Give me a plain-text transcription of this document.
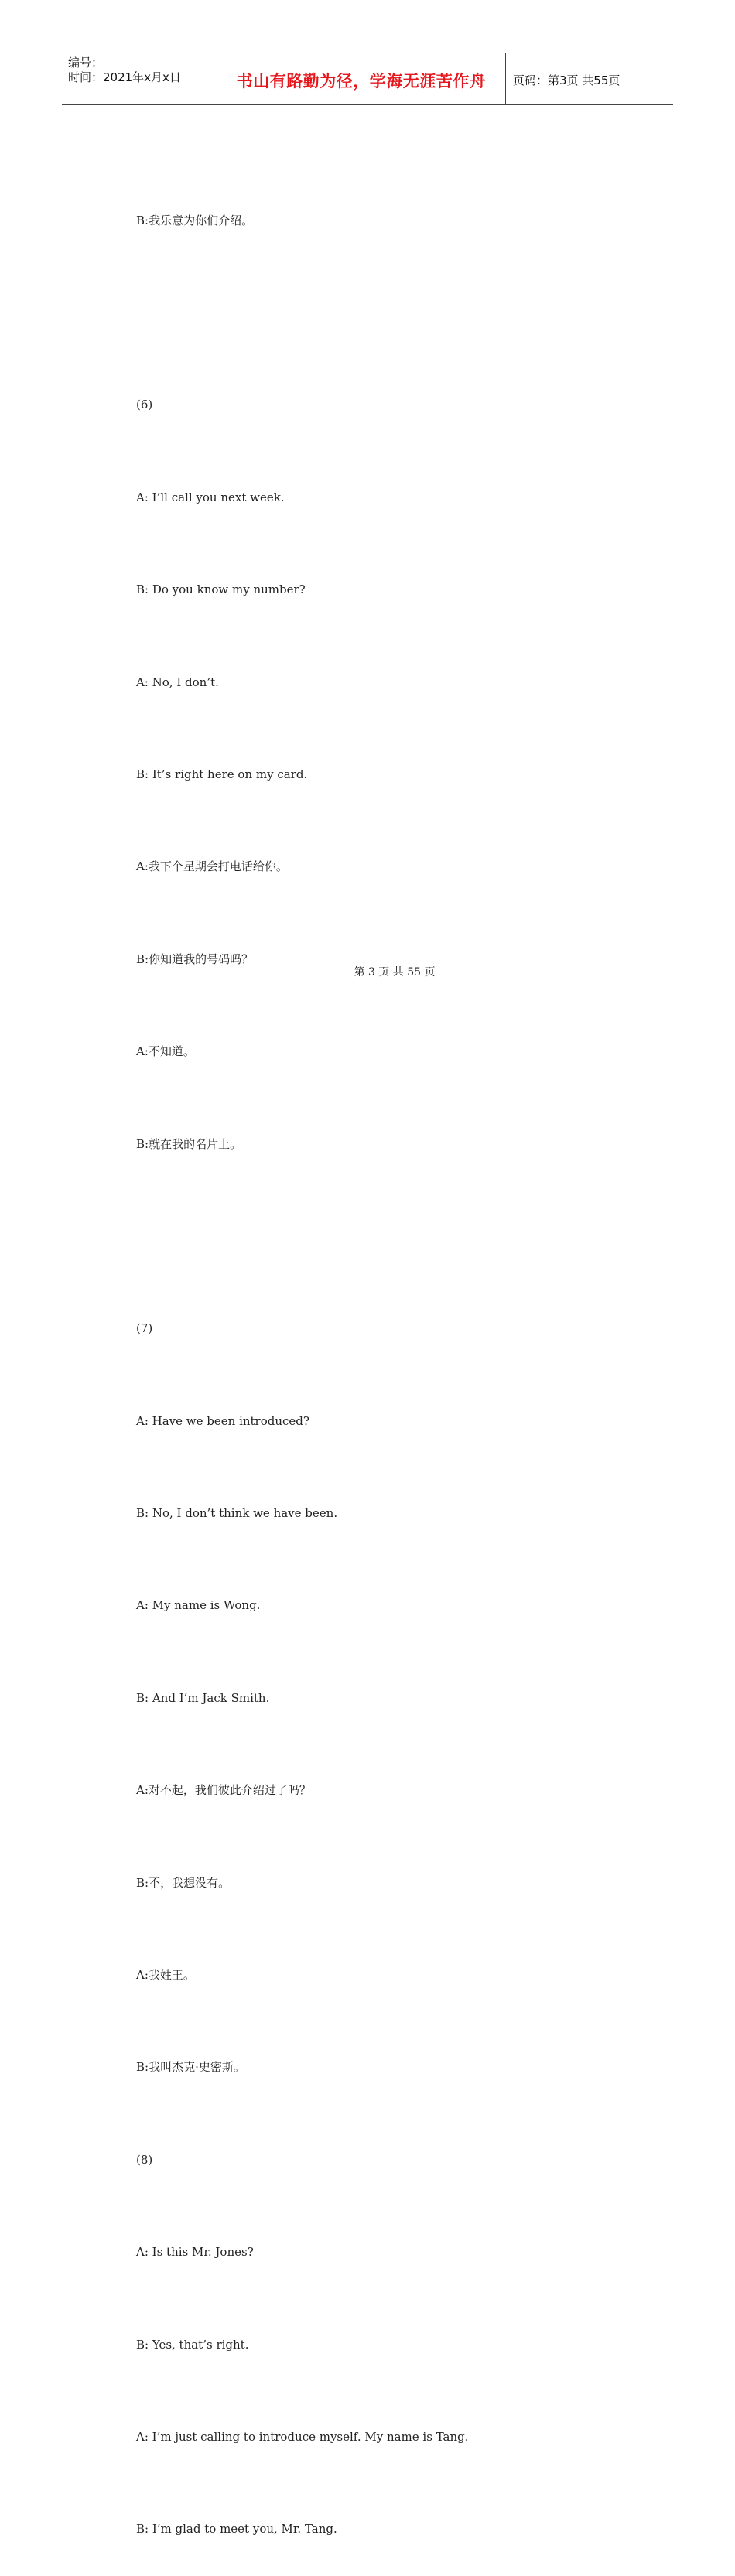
编号：
时间：2021年x月x日	书山有路勤为径，学海无涯苦作舟	页码：第3页 共55页

B:我乐意为你们介绍。

(6)

A: I’ll call you next week.

B: Do you know my number?

A: No, I don’t.

B: It’s right here on my card.

A:我下个星期会打电话给你。

B:你知道我的号码吗？

A:不知道。

B:就在我的名片上。

(7)

A: Have we been introduced?

B: No, I don’t think we have been.

A: My name is Wong.

B: And I’m Jack Smith.

A:对不起，我们彼此介绍过了吗？

B:不，我想没有。

A:我姓王。

B:我叫杰克·史密斯。

(8)

A: Is this Mr. Jones?

B: Yes, that’s right.

A: I’m just calling to introduce myself. My name is Tang.

B: I’m glad to meet you, Mr. Tang.

第 3 页 共 55 页
